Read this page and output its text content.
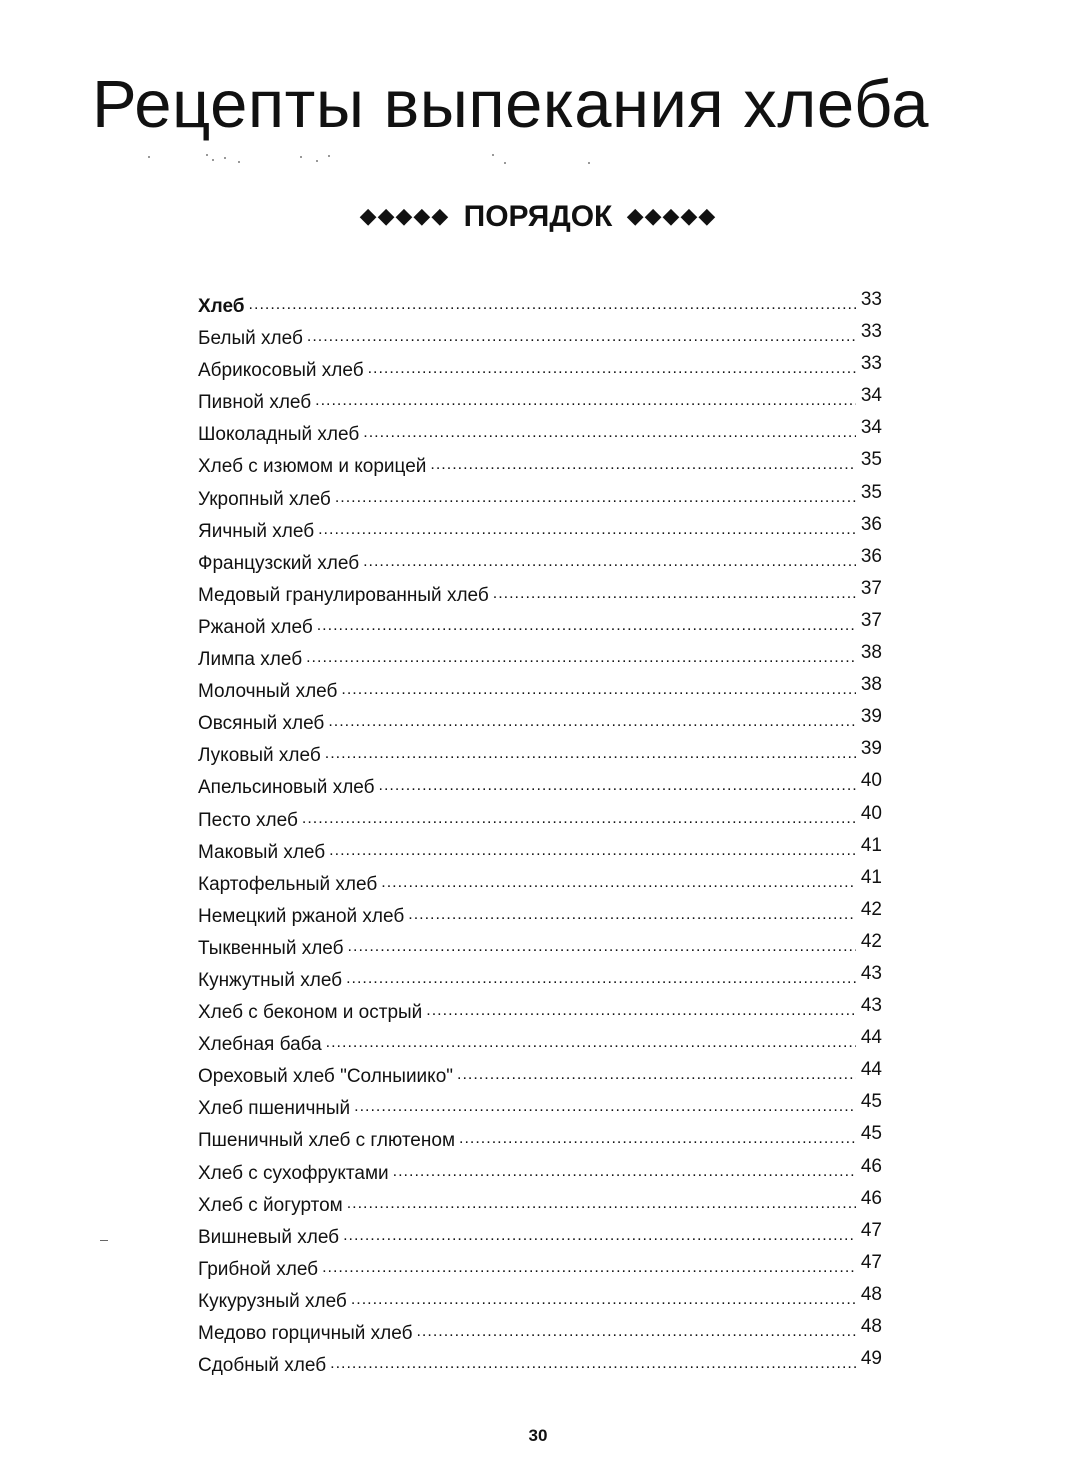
Рецепты выпекания хлеба
◆◆◆◆◆ ПОРЯДОК ◆◆◆◆◆
Хлеб .....	33
Белый хлеб .....	33
Абрикосовый хлеб .....	33
Пивной хлеб .....	34
Шоколадный хлеб .....	34
Хлеб с изюмом и корицей .....	35
Укропный хлеб .....	35
Яичный хлеб .....	36
Французский хлеб .....	36
Медовый гранулированный хлеб .....	37
Ржаной хлеб .....	37
Лимпа хлеб .....	38
Молочный хлеб .....	38
Овсяный хлеб .....	39
Луковый хлеб .....	39
Апельсиновый хлеб .....	40
Песто хлеб .....	40
Маковый хлеб .....	41
Картофельный хлеб .....	41
Немецкий ржаной хлеб .....	42
Тыквенный хлеб .....	42
Кунжутный хлеб .....	43
Хлеб с беконом и острый .....	43
Хлебная баба .....	44
Ореховый хлеб "Солныиико" .....	44
Хлеб пшеничный .....	45
Пшеничный хлеб с глютеном .....	45
Хлеб с сухофруктами .....	46
Хлеб с йогуртом .....	46
Вишневый хлеб .....	47
Грибной хлеб .....	47
Кукурузный хлеб .....	48
Медово горцичный хлеб .....	48
Сдобный хлеб .....	49
30
